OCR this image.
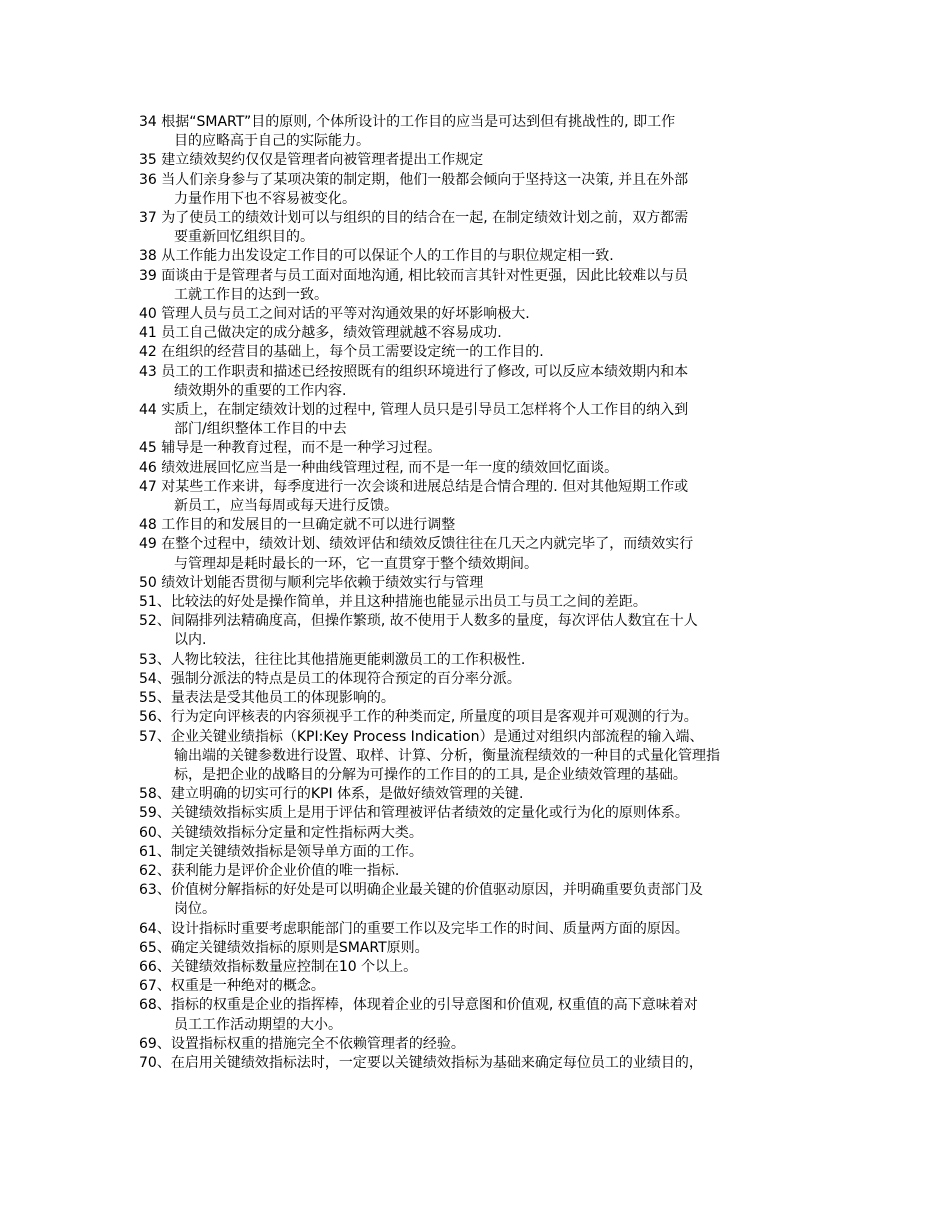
34 根据“SMART”目的原则, 个体所设计的工作目的应当是可达到但有挑战性的, 即工作
目的应略高于自己的实际能力。
35 建立绩效契约仅仅是管理者向被管理者提出工作规定
36 当人们亲身参与了某项决策的制定期，他们一般都会倾向于坚持这一决策, 并且在外部
力量作用下也不容易被变化。
37 为了使员工的绩效计划可以与组织的目的结合在一起, 在制定绩效计划之前，双方都需
要重新回忆组织目的。
38 从工作能力出发设定工作目的可以保证个人的工作目的与职位规定相一致.
39 面谈由于是管理者与员工面对面地沟通, 相比较而言其针对性更强，因此比较难以与员
工就工作目的达到一致。
40 管理人员与员工之间对话的平等对沟通效果的好坏影响极大.
41 员工自己做决定的成分越多，绩效管理就越不容易成功.
42 在组织的经营目的基础上，每个员工需要设定统一的工作目的.
43 员工的工作职责和描述已经按照既有的组织环境进行了修改, 可以反应本绩效期内和本
绩效期外的重要的工作内容.
44 实质上，在制定绩效计划的过程中, 管理人员只是引导员工怎样将个人工作目的纳入到
部门/组织整体工作目的中去
45 辅导是一种教育过程，而不是一种学习过程。
46 绩效进展回忆应当是一种曲线管理过程, 而不是一年一度的绩效回忆面谈。
47 对某些工作来讲，每季度进行一次会谈和进展总结是合情合理的. 但对其他短期工作或
新员工，应当每周或每天进行反馈。
48 工作目的和发展目的一旦确定就不可以进行调整
49 在整个过程中，绩效计划、绩效评估和绩效反馈往往在几天之内就完毕了，而绩效实行
与管理却是耗时最长的一环，它一直贯穿于整个绩效期间。
50 绩效计划能否贯彻与顺利完毕依赖于绩效实行与管理
51、比较法的好处是操作简单，并且这种措施也能显示出员工与员工之间的差距。
52、间隔排列法精确度高，但操作繁琐, 故不使用于人数多的量度，每次评估人数宜在十人
以内.
53、人物比较法，往往比其他措施更能刺激员工的工作积极性.
54、强制分派法的特点是员工的体现符合预定的百分率分派。
55、量表法是受其他员工的体现影响的。
56、行为定向评核表的内容须视乎工作的种类而定, 所量度的项目是客观并可观测的行为。
57、企业关键业绩指标（KPI:Key Process Indication）是通过对组织内部流程的输入端、
输出端的关键参数进行设置、取样、计算、分析，衡量流程绩效的一种目的式量化管理指
标，是把企业的战略目的分解为可操作的工作目的的工具, 是企业绩效管理的基础。
58、建立明确的切实可行的KPI 体系，是做好绩效管理的关键.
59、关键绩效指标实质上是用于评估和管理被评估者绩效的定量化或行为化的原则体系。
60、关键绩效指标分定量和定性指标两大类。
61、制定关键绩效指标是领导单方面的工作。
62、获利能力是评价企业价值的唯一指标.
63、价值树分解指标的好处是可以明确企业最关键的价值驱动原因，并明确重要负责部门及
岗位。
64、设计指标时重要考虑职能部门的重要工作以及完毕工作的时间、质量两方面的原因。
65、确定关键绩效指标的原则是SMART原则。
66、关键绩效指标数量应控制在10 个以上。
67、权重是一种绝对的概念。
68、指标的权重是企业的指挥棒，体现着企业的引导意图和价值观, 权重值的高下意味着对
员工工作活动期望的大小。
69、设置指标权重的措施完全不依赖管理者的经验。
70、在启用关键绩效指标法时，一定要以关键绩效指标为基础来确定每位员工的业绩目的，
